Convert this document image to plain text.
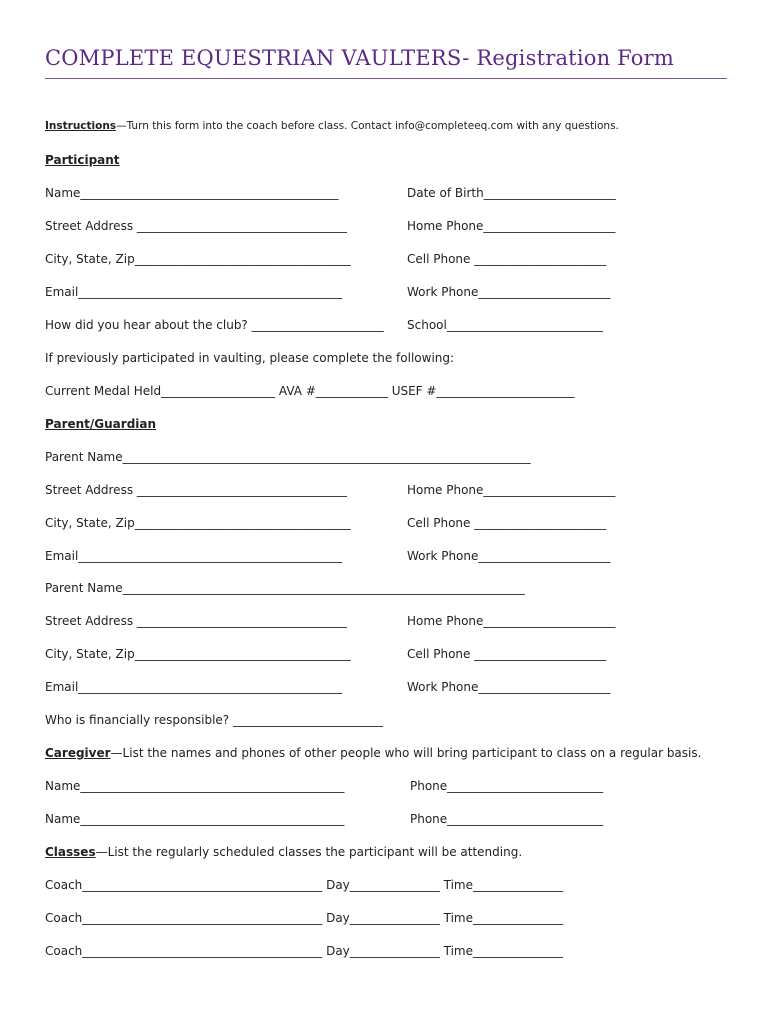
COMPLETE EQUESTRIAN VAULTERS- Registration Form
Instructions—Turn this form into the coach before class. Contact info@completeeq.com with any questions.
Participant
Name___________________________________________	Date of Birth______________________
Street Address ___________________________________	Home Phone______________________
City, State, Zip____________________________________	Cell Phone ______________________
Email____________________________________________	Work Phone______________________
How did you hear about the club? ______________________ School__________________________
If previously participated in vaulting, please complete the following:
Current Medal Held___________________ AVA #____________ USEF #_______________________
Parent/Guardian
Parent Name____________________________________________________________________
Street Address ___________________________________	Home Phone______________________
City, State, Zip____________________________________	Cell Phone ______________________
Email____________________________________________	Work Phone______________________
Parent Name___________________________________________________________________
Street Address ___________________________________	Home Phone______________________
City, State, Zip____________________________________	Cell Phone ______________________
Email____________________________________________	Work Phone______________________
Who is financially responsible? _________________________
Caregiver—List the names and phones of other people who will bring participant to class on a regular basis.
Name____________________________________________	Phone__________________________
Name____________________________________________	Phone__________________________
Classes—List the regularly scheduled classes the participant will be attending.
Coach________________________________________ Day_______________ Time_______________
Coach________________________________________ Day_______________ Time_______________
Coach________________________________________ Day_______________ Time_______________
